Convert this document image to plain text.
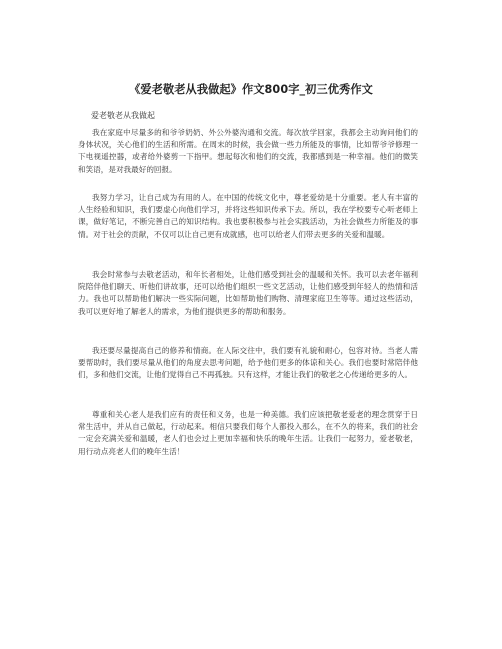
《爱老敬老从我做起》作文800字_初三优秀作文

爱老敬老从我做起

我在家庭中尽量多的和爷爷奶奶、外公外婆沟通和交流。每次放学回家，我都会主动询问他们的身体状况，关心他们的生活和所需。在周末的时候，我会做一些力所能及的事情，比如帮爷爷修理一下电视遥控器，或者给外婆剪一下指甲。想起每次和他们的交流，我都感到是一种幸福。他们的微笑和笑语，是对我最好的回报。

我努力学习，让自己成为有用的人。在中国的传统文化中，尊老爱幼是十分重要。老人有丰富的人生经验和知识，我们要虚心向他们学习，并将这些知识传承下去。所以，我在学校要专心听老师上课，做好笔记，不断完善自己的知识结构。我也要积极参与社会实践活动，为社会做些力所能及的事情。对于社会的贡献，不仅可以让自己更有成就感，也可以给老人们带去更多的关爱和温暖。

我会时常参与去敬老活动，和年长者相处，让他们感受到社会的温暖和关怀。我可以去老年福利院陪伴他们聊天、听他们讲故事，还可以给他们组织一些文艺活动，让他们感受到年轻人的热情和活力。我也可以帮助他们解决一些实际问题，比如帮助他们购物、清理家庭卫生等等。通过这些活动，我可以更好地了解老人的需求，为他们提供更多的帮助和服务。

我还要尽量提高自己的修养和情商。在人际交往中，我们要有礼貌和耐心，包容对待。当老人需要帮助时，我们要尽量从他们的角度去思考问题，给予他们更多的体谅和关心。我们也要时常陪伴他们，多和他们交流，让他们觉得自己不再孤独。只有这样，才能让我们的敬老之心传递给更多的人。

尊重和关心老人是我们应有的责任和义务，也是一种美德。我们应该把敬老爱老的理念贯穿于日常生活中，并从自己做起，行动起来。相信只要我们每个人都投入那么，在不久的将来，我们的社会一定会充满关爱和温暖，老人们也会过上更加幸福和快乐的晚年生活。让我们一起努力，爱老敬老，用行动点亮老人们的晚年生活！
